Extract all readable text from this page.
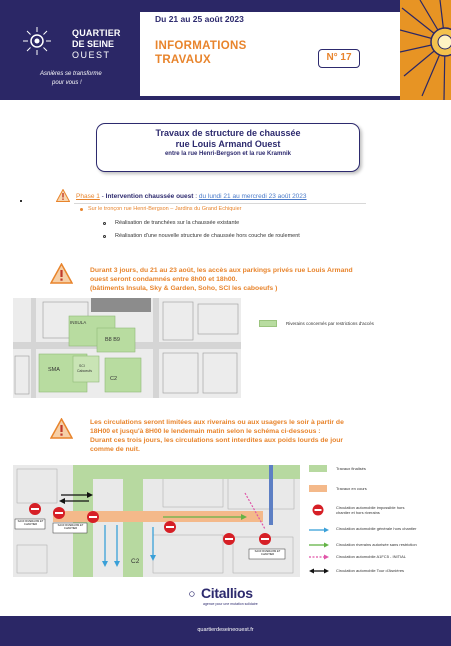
QUARTIER
DE SEINE
OUEST
Asnières se transforme
pour vous !
Du 21 au 25 août 2023
INFORMATIONS
TRAVAUX	N° 17
Travaux de structure de chaussée
rue Louis Armand Ouest
entre la rue Henri-Bergson et la rue Kramnik
Phase 1 - Intervention chaussée ouest : du lundi 21 au mercredi 23 août 2023
Sur le tronçon rue Henri-Bergson – Jardins du Grand Echiquier
Réalisation de tranchées sur la chaussée existante
Réalisation d'une nouvelle structure de chaussée hors couche de roulement
Durant 3 jours, du 21 au 23 août, les accès aux parkings privés rue Louis Armand
ouest seront condamnés entre 8h00 et 18h00.
(bâtiments Insula, Sky & Garden, Soho, SCI les caboeufs )
INSULA
B8 B9
SMA
SCI
Caboeufs
C2
Riverains concernés par restrictions d'accès
Les circulations seront limitées aux riverains ou aux usagers le soir à partir de
18H00 et jusqu'à 8H00 le lendemain matin selon le schéma ci-dessous :
Durant ces trois jours, les circulations sont interdites aux poids lourds de jour
comme de nuit.
SAUF RIVERAINS ET CHANTIER	SAUF RIVERAINS ET CHANTIER
SAUF RIVERAINS ET CHANTIER
C2
Travaux finalisés
Travaux en cours
Circulation automobile impossible hors chantier et hors riverains
Circulation automobile générale hors chantier
Circulation riverains autorisée sans restriction
Circulation automobile A1FC5 - INITIAL
Circulation automobile Tour d'Asnières
Citallios
agence pour une mutation solidaire
quartierdeseineouest.fr
